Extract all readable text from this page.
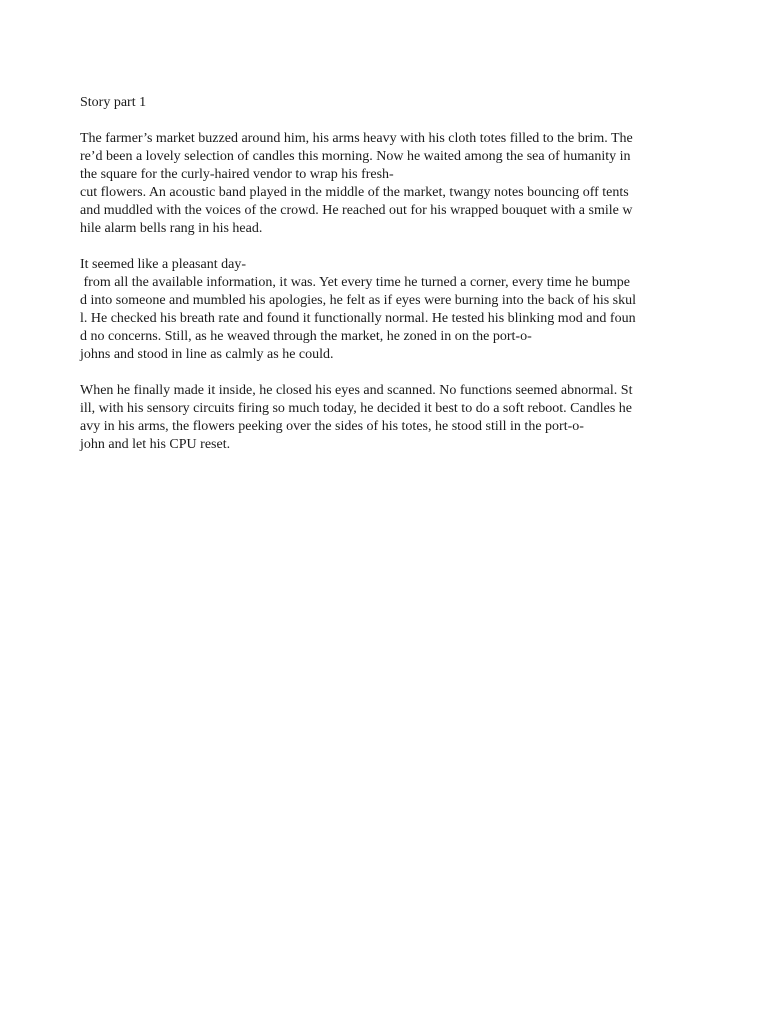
Story part 1
The farmer’s market buzzed around him, his arms heavy with his cloth totes filled to the brim. The
re’d been a lovely selection of candles this morning. Now he waited among the sea of humanity in
the square for the curly-haired vendor to wrap his fresh-
cut flowers. An acoustic band played in the middle of the market, twangy notes bouncing off tents
and muddled with the voices of the crowd. He reached out for his wrapped bouquet with a smile w
hile alarm bells rang in his head.
It seemed like a pleasant day-
from all the available information, it was. Yet every time he turned a corner, every time he bumpe
d into someone and mumbled his apologies, he felt as if eyes were burning into the back of his skul
l. He checked his breath rate and found it functionally normal. He tested his blinking mod and foun
d no concerns. Still, as he weaved through the market, he zoned in on the port-o-
johns and stood in line as calmly as he could.
When he finally made it inside, he closed his eyes and scanned. No functions seemed abnormal. St
ill, with his sensory circuits firing so much today, he decided it best to do a soft reboot. Candles he
avy in his arms, the flowers peeking over the sides of his totes, he stood still in the port-o-
john and let his CPU reset.
